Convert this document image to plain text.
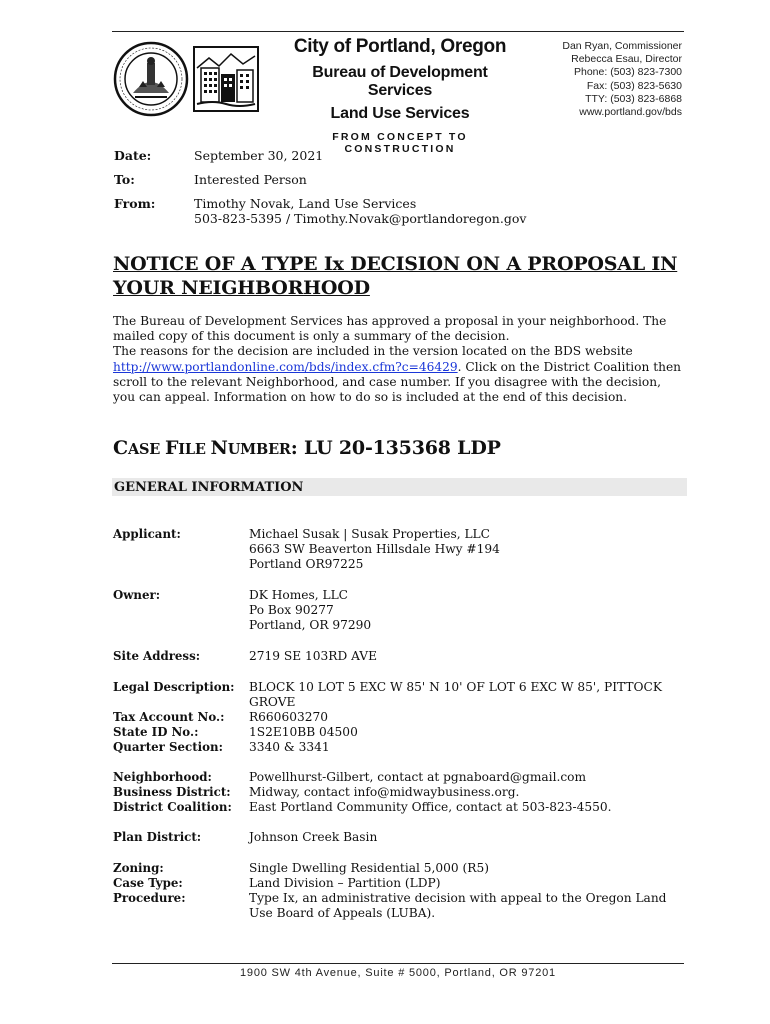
City of Portland, Oregon
Bureau of Development Services
Land Use Services
FROM CONCEPT TO CONSTRUCTION
Dan Ryan, Commissioner
Rebecca Esau, Director
Phone: (503) 823-7300
Fax: (503) 823-5630
TTY: (503) 823-6868
www.portland.gov/bds
Date:	September 30, 2021
To:	Interested Person
From:	Timothy Novak, Land Use Services
503-823-5395 / Timothy.Novak@portlandoregon.gov
NOTICE OF A TYPE Ix DECISION ON A PROPOSAL IN YOUR NEIGHBORHOOD
The Bureau of Development Services has approved a proposal in your neighborhood. The mailed copy of this document is only a summary of the decision.
The reasons for the decision are included in the version located on the BDS website
http://www.portlandonline.com/bds/index.cfm?c=46429. Click on the District Coalition then scroll to the relevant Neighborhood, and case number. If you disagree with the decision, you can appeal. Information on how to do so is included at the end of this decision.
CASE FILE NUMBER: LU 20-135368 LDP
GENERAL INFORMATION
Applicant:	Michael Susak | Susak Properties, LLC
6663 SW Beaverton Hillsdale Hwy #194
Portland OR97225
Owner:	DK Homes, LLC
Po Box 90277
Portland, OR 97290
Site Address:	2719 SE 103RD AVE
Legal Description: BLOCK 10 LOT 5 EXC W 85' N 10' OF LOT 6 EXC W 85', PITTOCK GROVE
Tax Account No.: R660603270
State ID No.:	1S2E10BB 04500
Quarter Section: 3340 & 3341
Neighborhood:	Powellhurst-Gilbert, contact at pgnaboard@gmail.com
Business District: Midway, contact info@midwaybusiness.org.
District Coalition: East Portland Community Office, contact at 503-823-4550.
Plan District:	Johnson Creek Basin
Zoning:	Single Dwelling Residential 5,000 (R5)
Case Type:	Land Division – Partition (LDP)
Procedure:	Type Ix, an administrative decision with appeal to the Oregon Land Use Board of Appeals (LUBA).
1900 SW 4th Avenue, Suite # 5000, Portland, OR 97201
